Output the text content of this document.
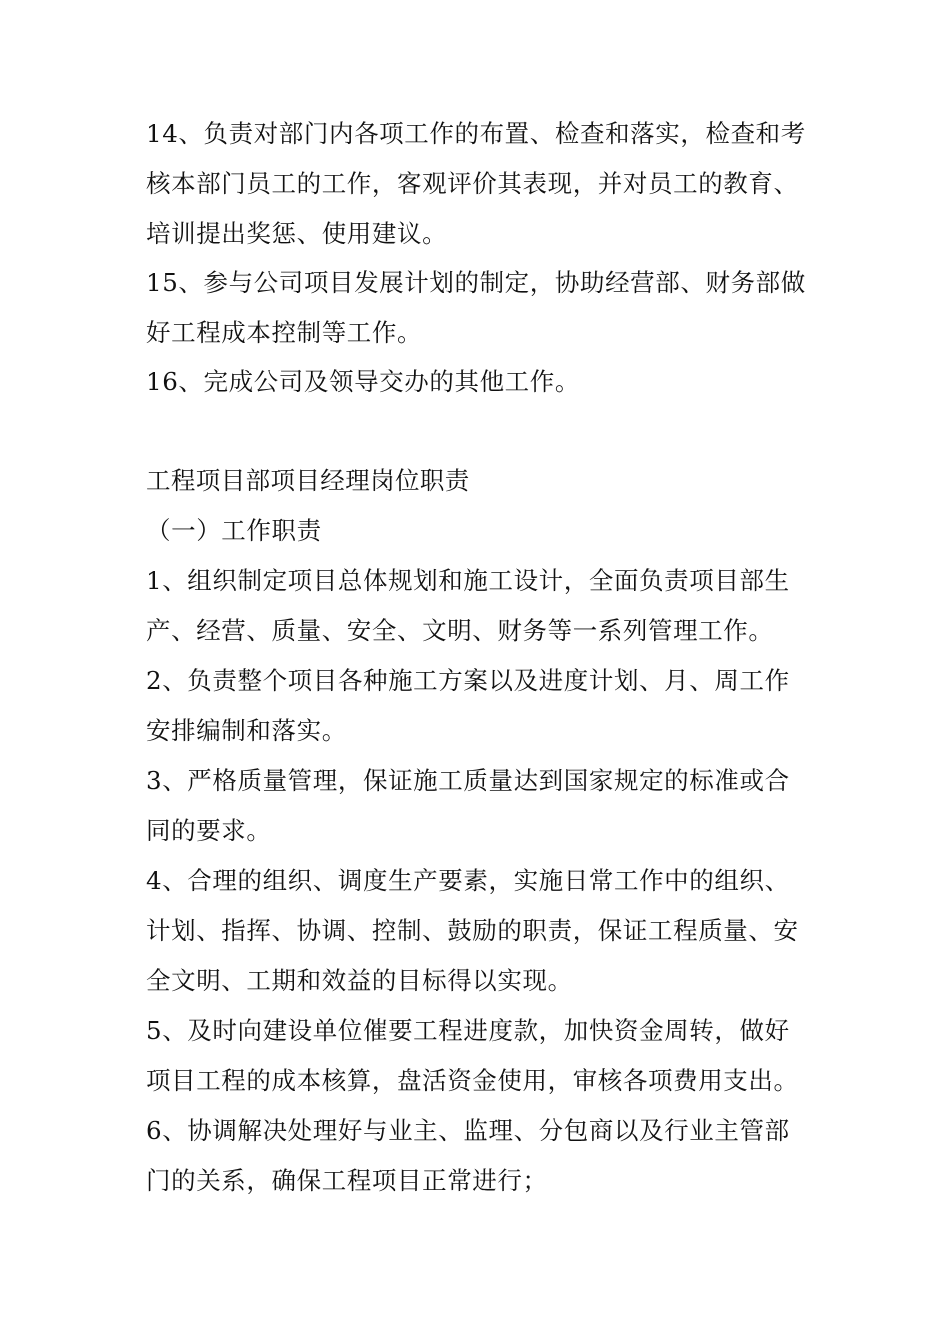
14、负责对部门内各项工作的布置、检查和落实，检查和考
核本部门员工的工作，客观评价其表现，并对员工的教育、
培训提出奖惩、使用建议。
15、参与公司项目发展计划的制定，协助经营部、财务部做
好工程成本控制等工作。
16、完成公司及领导交办的其他工作。
工程项目部项目经理岗位职责
（一）工作职责
1、组织制定项目总体规划和施工设计，全面负责项目部生
产、经营、质量、安全、文明、财务等一系列管理工作。
2、负责整个项目各种施工方案以及进度计划、月、周工作
安排编制和落实。
3、严格质量管理，保证施工质量达到国家规定的标准或合
同的要求。
4、合理的组织、调度生产要素，实施日常工作中的组织、
计划、指挥、协调、控制、鼓励的职责，保证工程质量、安
全文明、工期和效益的目标得以实现。
5、及时向建设单位催要工程进度款，加快资金周转，做好
项目工程的成本核算，盘活资金使用，审核各项费用支出。
6、协调解决处理好与业主、监理、分包商以及行业主管部
门的关系，确保工程项目正常进行；
